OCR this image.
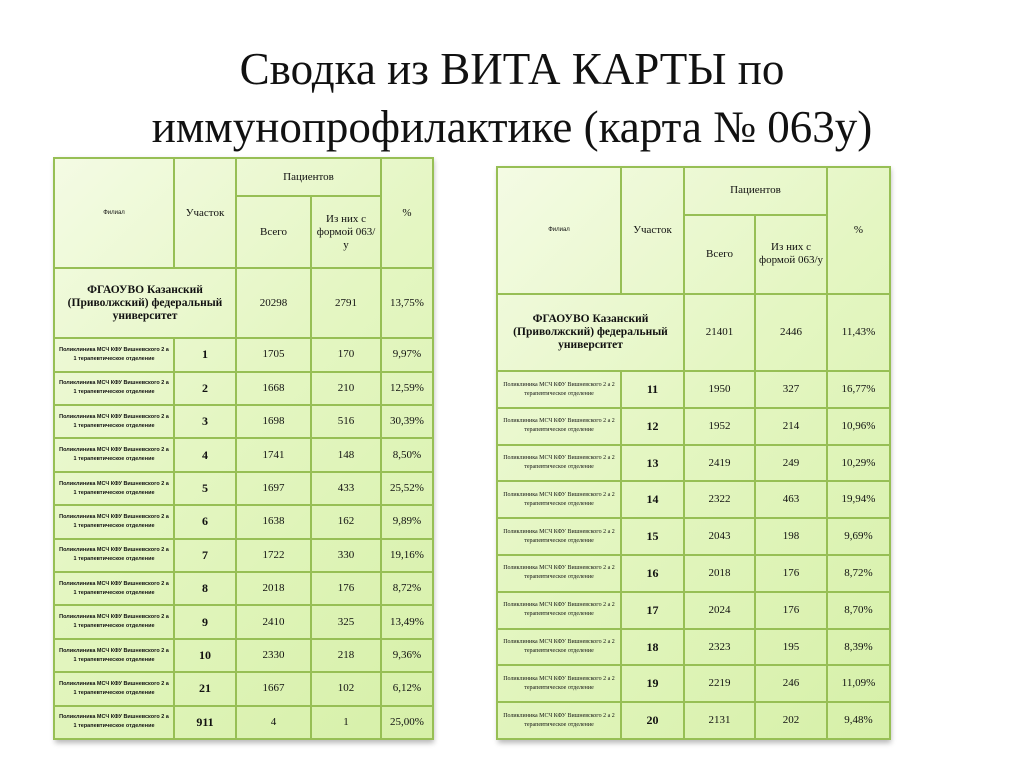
Сводка из ВИТА КАРТЫ по
иммунопрофилактике (карта № 063у)
Филиал	Участок	Пациентов		%
		Всего	Из них с формой 063/у	
ФГАОУВО Казанский (Приволжский) федеральный университет		20298	2791	13,75%
Поликлиника МСЧ КФУ Вишневского 2 а 1 терапевтическое отделение	1	1705	170	9,97%
Поликлиника МСЧ КФУ Вишневского 2 а 1 терапевтическое отделение	2	1668	210	12,59%
Поликлиника МСЧ КФУ Вишневского 2 а 1 терапевтическое отделение	3	1698	516	30,39%
Поликлиника МСЧ КФУ Вишневского 2 а 1 терапевтическое отделение	4	1741	148	8,50%
Поликлиника МСЧ КФУ Вишневского 2 а 1 терапевтическое отделение	5	1697	433	25,52%
Поликлиника МСЧ КФУ Вишневского 2 а 1 терапевтическое отделение	6	1638	162	9,89%
Поликлиника МСЧ КФУ Вишневского 2 а 1 терапевтическое отделение	7	1722	330	19,16%
Поликлиника МСЧ КФУ Вишневского 2 а 1 терапевтическое отделение	8	2018	176	8,72%
Поликлиника МСЧ КФУ Вишневского 2 а 1 терапевтическое отделение	9	2410	325	13,49%
Поликлиника МСЧ КФУ Вишневского 2 а 1 терапевтическое отделение	10	2330	218	9,36%
Поликлиника МСЧ КФУ Вишневского 2 а 1 терапевтическое отделение	21	1667	102	6,12%
Поликлиника МСЧ КФУ Вишневского 2 а 1 терапевтическое отделение	911	4	1	25,00%
Филиал	Участок	Пациентов		%
		Всего	Из них с формой 063/у	
ФГАОУВО Казанский (Приволжский) федеральный университет		21401	2446	11,43%
Поликлиника МСЧ КФУ Вишневского 2 а 2 терапевтическое отделение	11	1950	327	16,77%
Поликлиника МСЧ КФУ Вишневского 2 а 2 терапевтическое отделение	12	1952	214	10,96%
Поликлиника МСЧ КФУ Вишневского 2 а 2 терапевтическое отделение	13	2419	249	10,29%
Поликлиника МСЧ КФУ Вишневского 2 а 2 терапевтическое отделение	14	2322	463	19,94%
Поликлиника МСЧ КФУ Вишневского 2 а 2 терапевтическое отделение	15	2043	198	9,69%
Поликлиника МСЧ КФУ Вишневского 2 а 2 терапевтическое отделение	16	2018	176	8,72%
Поликлиника МСЧ КФУ Вишневского 2 а 2 терапевтическое отделение	17	2024	176	8,70%
Поликлиника МСЧ КФУ Вишневского 2 а 2 терапевтическое отделение	18	2323	195	8,39%
Поликлиника МСЧ КФУ Вишневского 2 а 2 терапевтическое отделение	19	2219	246	11,09%
Поликлиника МСЧ КФУ Вишневского 2 а 2 терапевтическое отделение	20	2131	202	9,48%
